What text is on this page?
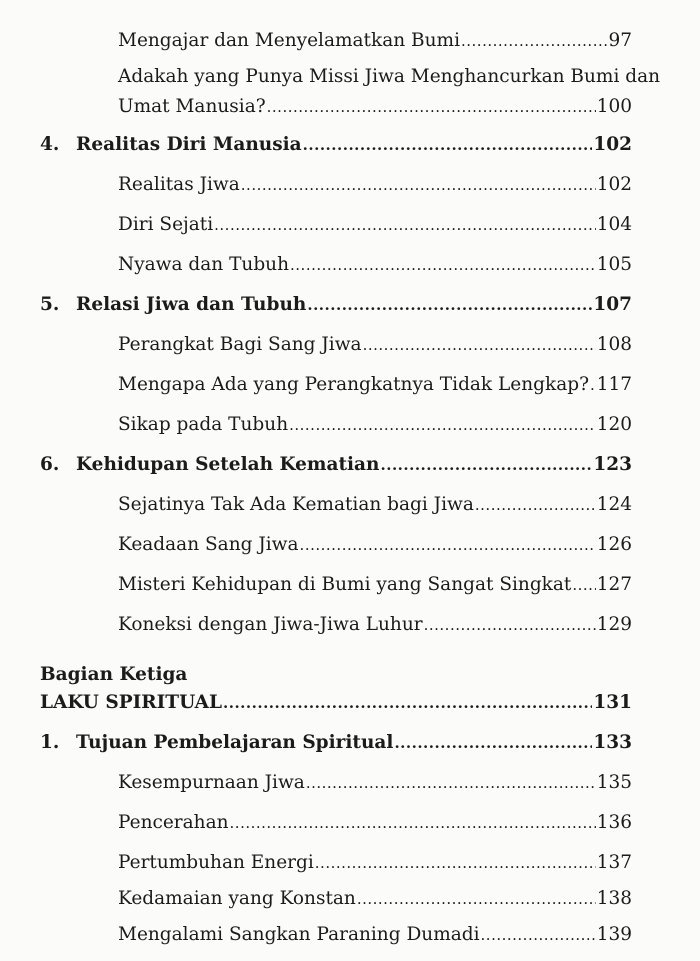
Mengajar dan Menyelamatkan Bumi .....	97
Adakah yang Punya Missi Jiwa Menghancurkan Bumi dan
Umat Manusia? .....	100
4. Realitas Diri Manusia .....	102
Realitas Jiwa .....	102
Diri Sejati .....	104
Nyawa dan Tubuh .....	105
5. Relasi Jiwa dan Tubuh .....	107
Perangkat Bagi Sang Jiwa .....	108
Mengapa Ada yang Perangkatnya Tidak Lengkap? ..... 117
Sikap pada Tubuh .....	120
6. Kehidupan Setelah Kematian .....	123
Sejatinya Tak Ada Kematian bagi Jiwa .....	124
Keadaan Sang Jiwa .....	126
Misteri Kehidupan di Bumi yang Sangat Singkat ..... 127
Koneksi dengan Jiwa-Jiwa Luhur .....	129
Bagian Ketiga
LAKU SPIRITUAL .....	131
1. Tujuan Pembelajaran Spiritual .....	133
Kesempurnaan Jiwa .....	135
Pencerahan .....	136
Pertumbuhan Energi .....	137
Kedamaian yang Konstan .....	138
Mengalami Sangkan Paraning Dumadi .....	139
